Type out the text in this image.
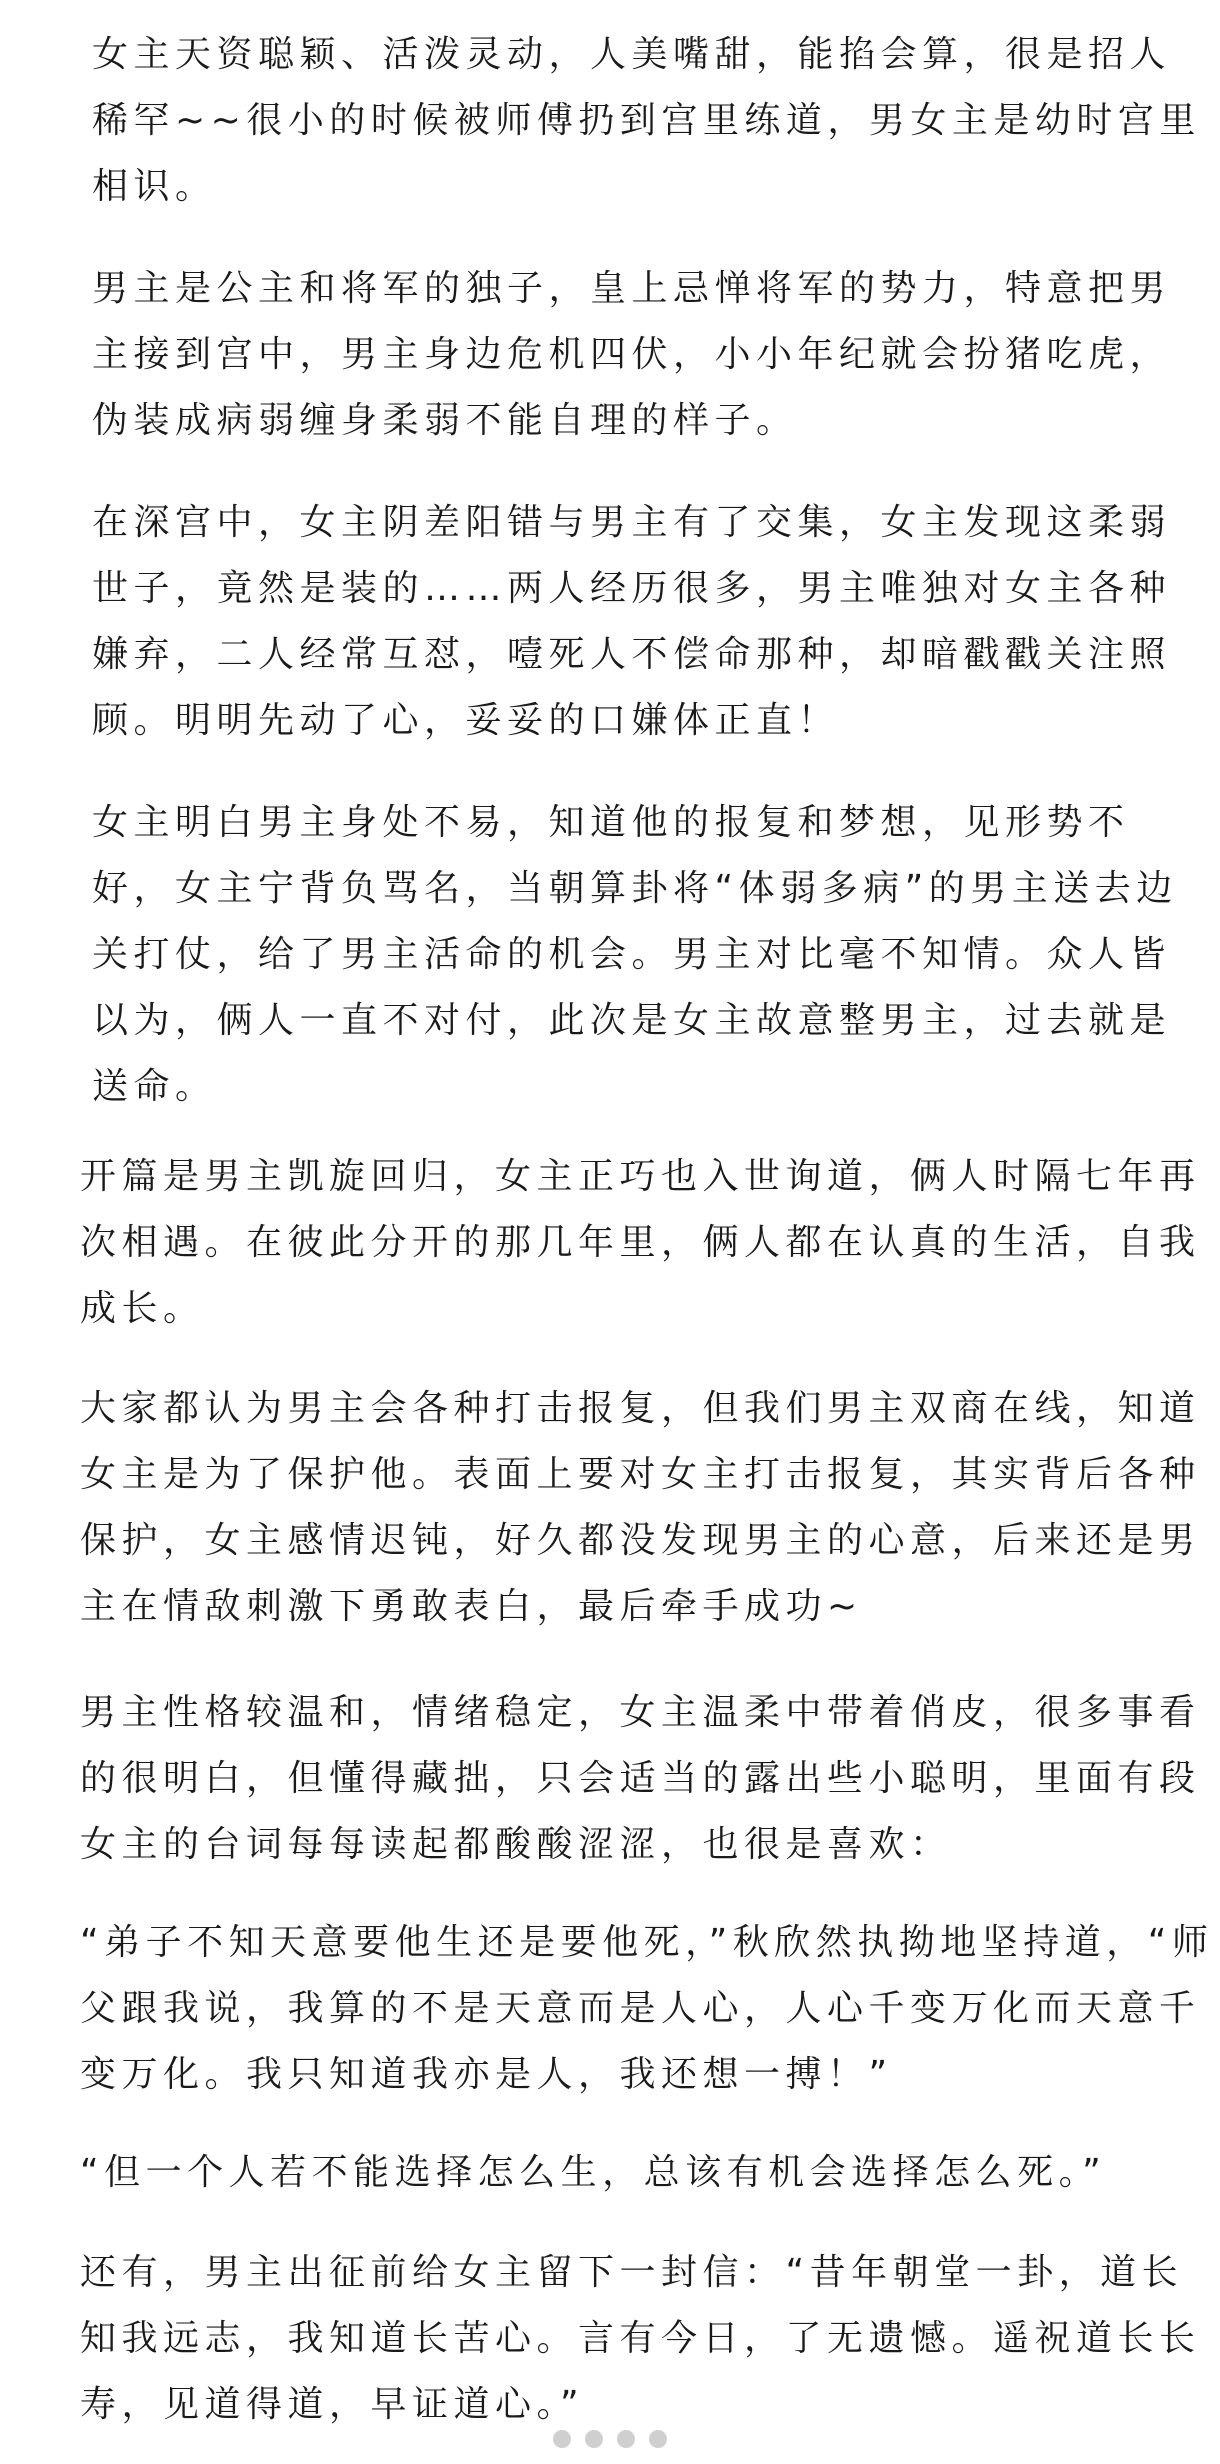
女主天资聪颖、活泼灵动，人美嘴甜，能掐会算，很是招人
稀罕~~很小的时候被师傅扔到宫里练道，男女主是幼时宫里
相识。

男主是公主和将军的独子，皇上忌惮将军的势力，特意把男
主接到宫中，男主身边危机四伏，小小年纪就会扮猪吃虎，
伪装成病弱缠身柔弱不能自理的样子。

在深宫中，女主阴差阳错与男主有了交集，女主发现这柔弱
世子，竟然是装的……两人经历很多，男主唯独对女主各种
嫌弃，二人经常互怼，噎死人不偿命那种，却暗戳戳关注照
顾。明明先动了心，妥妥的口嫌体正直！

女主明白男主身处不易，知道他的报复和梦想，见形势不
好，女主宁背负骂名，当朝算卦将“体弱多病”的男主送去边
关打仗，给了男主活命的机会。男主对比毫不知情。众人皆
以为，俩人一直不对付，此次是女主故意整男主，过去就是
送命。

开篇是男主凯旋回归，女主正巧也入世询道，俩人时隔七年再
次相遇。在彼此分开的那几年里，俩人都在认真的生活，自我
成长。

大家都认为男主会各种打击报复，但我们男主双商在线，知道
女主是为了保护他。表面上要对女主打击报复，其实背后各种
保护，女主感情迟钝，好久都没发现男主的心意，后来还是男
主在情敌刺激下勇敢表白，最后牵手成功~

男主性格较温和，情绪稳定，女主温柔中带着俏皮，很多事看
的很明白，但懂得藏拙，只会适当的露出些小聪明，里面有段
女主的台词每每读起都酸酸涩涩，也很是喜欢：

“弟子不知天意要他生还是要他死，”秋欣然执拗地坚持道，“师
父跟我说，我算的不是天意而是人心，人心千变万化而天意千
变万化。我只知道我亦是人，我还想一搏！”

“但一个人若不能选择怎么生，总该有机会选择怎么死。”

还有，男主出征前给女主留下一封信：“昔年朝堂一卦，道长
知我远志，我知道长苦心。言有今日，了无遗憾。遥祝道长长
寿，见道得道，早证道心。”
